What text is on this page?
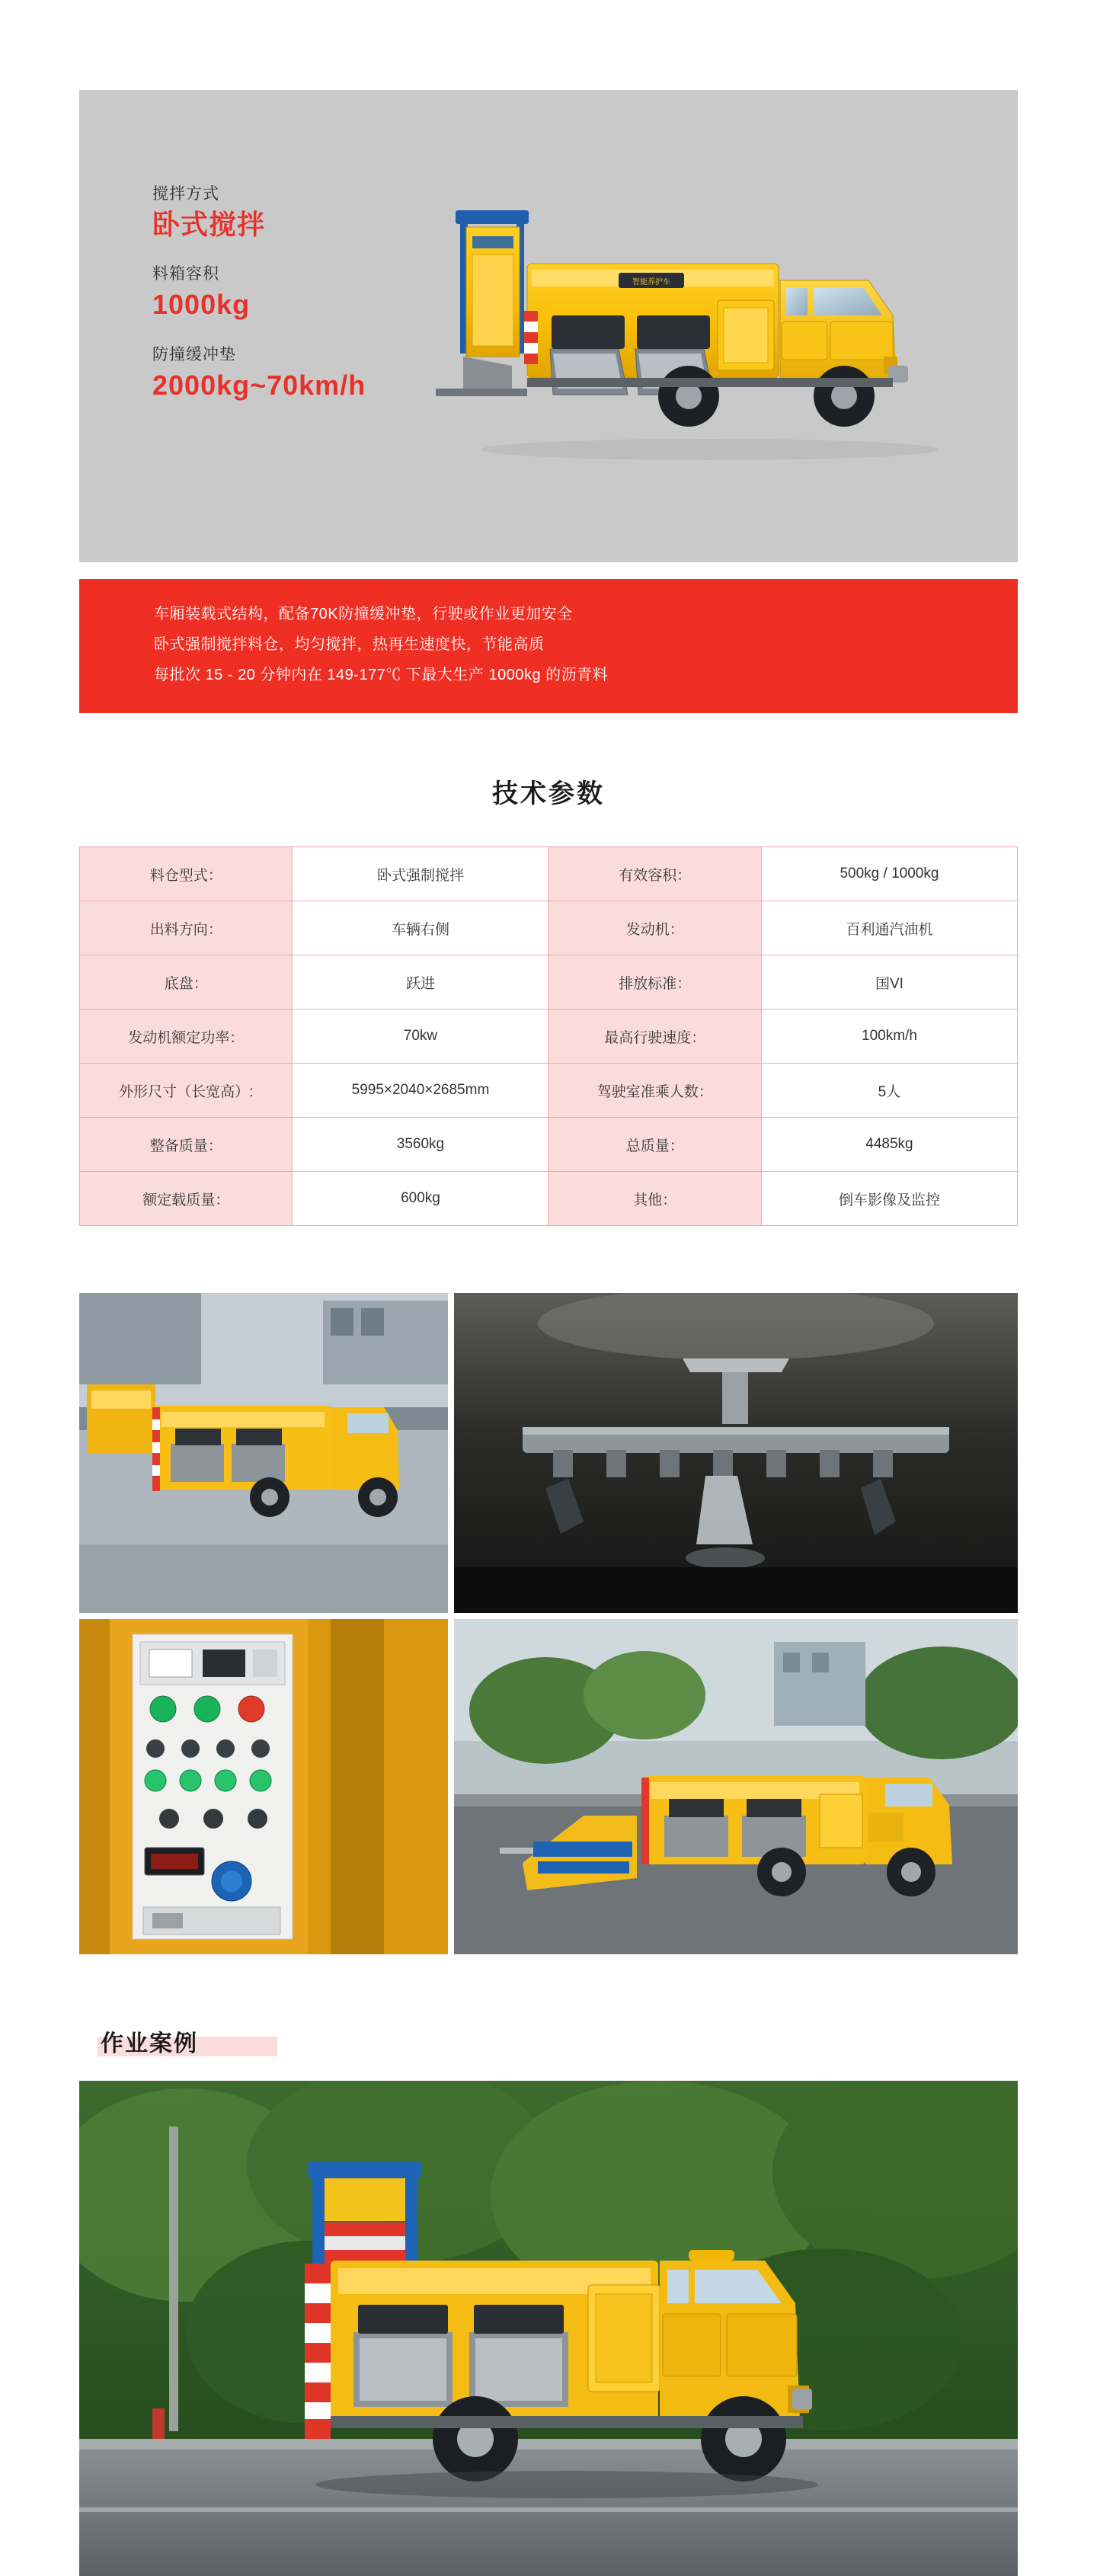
搅拌方式
卧式搅拌
料箱容积
1000kg
防撞缓冲垫
2000kg~70km/h
智能养护车
车厢装载式结构，配备70K防撞缓冲垫，行驶或作业更加安全
卧式强制搅拌料仓，均匀搅拌，热再生速度快，节能高质
每批次 15 - 20 分钟内在 149-177℃ 下最大生产 1000kg 的沥青料
技术参数
料仓型式：	卧式强制搅拌	有效容积：	500kg / 1000kg
出料方向：	车辆右侧	发动机：	百利通汽油机
底盘：	跃进	排放标准：	国VI
发动机额定功率：	70kw	最高行驶速度：	100km/h
外形尺寸（长宽高）:	5995×2040×2685mm	驾驶室准乘人数：	5人
整备质量：	3560kg	总质量：	4485kg
额定载质量：	600kg	其他：	倒车影像及监控
作业案例
